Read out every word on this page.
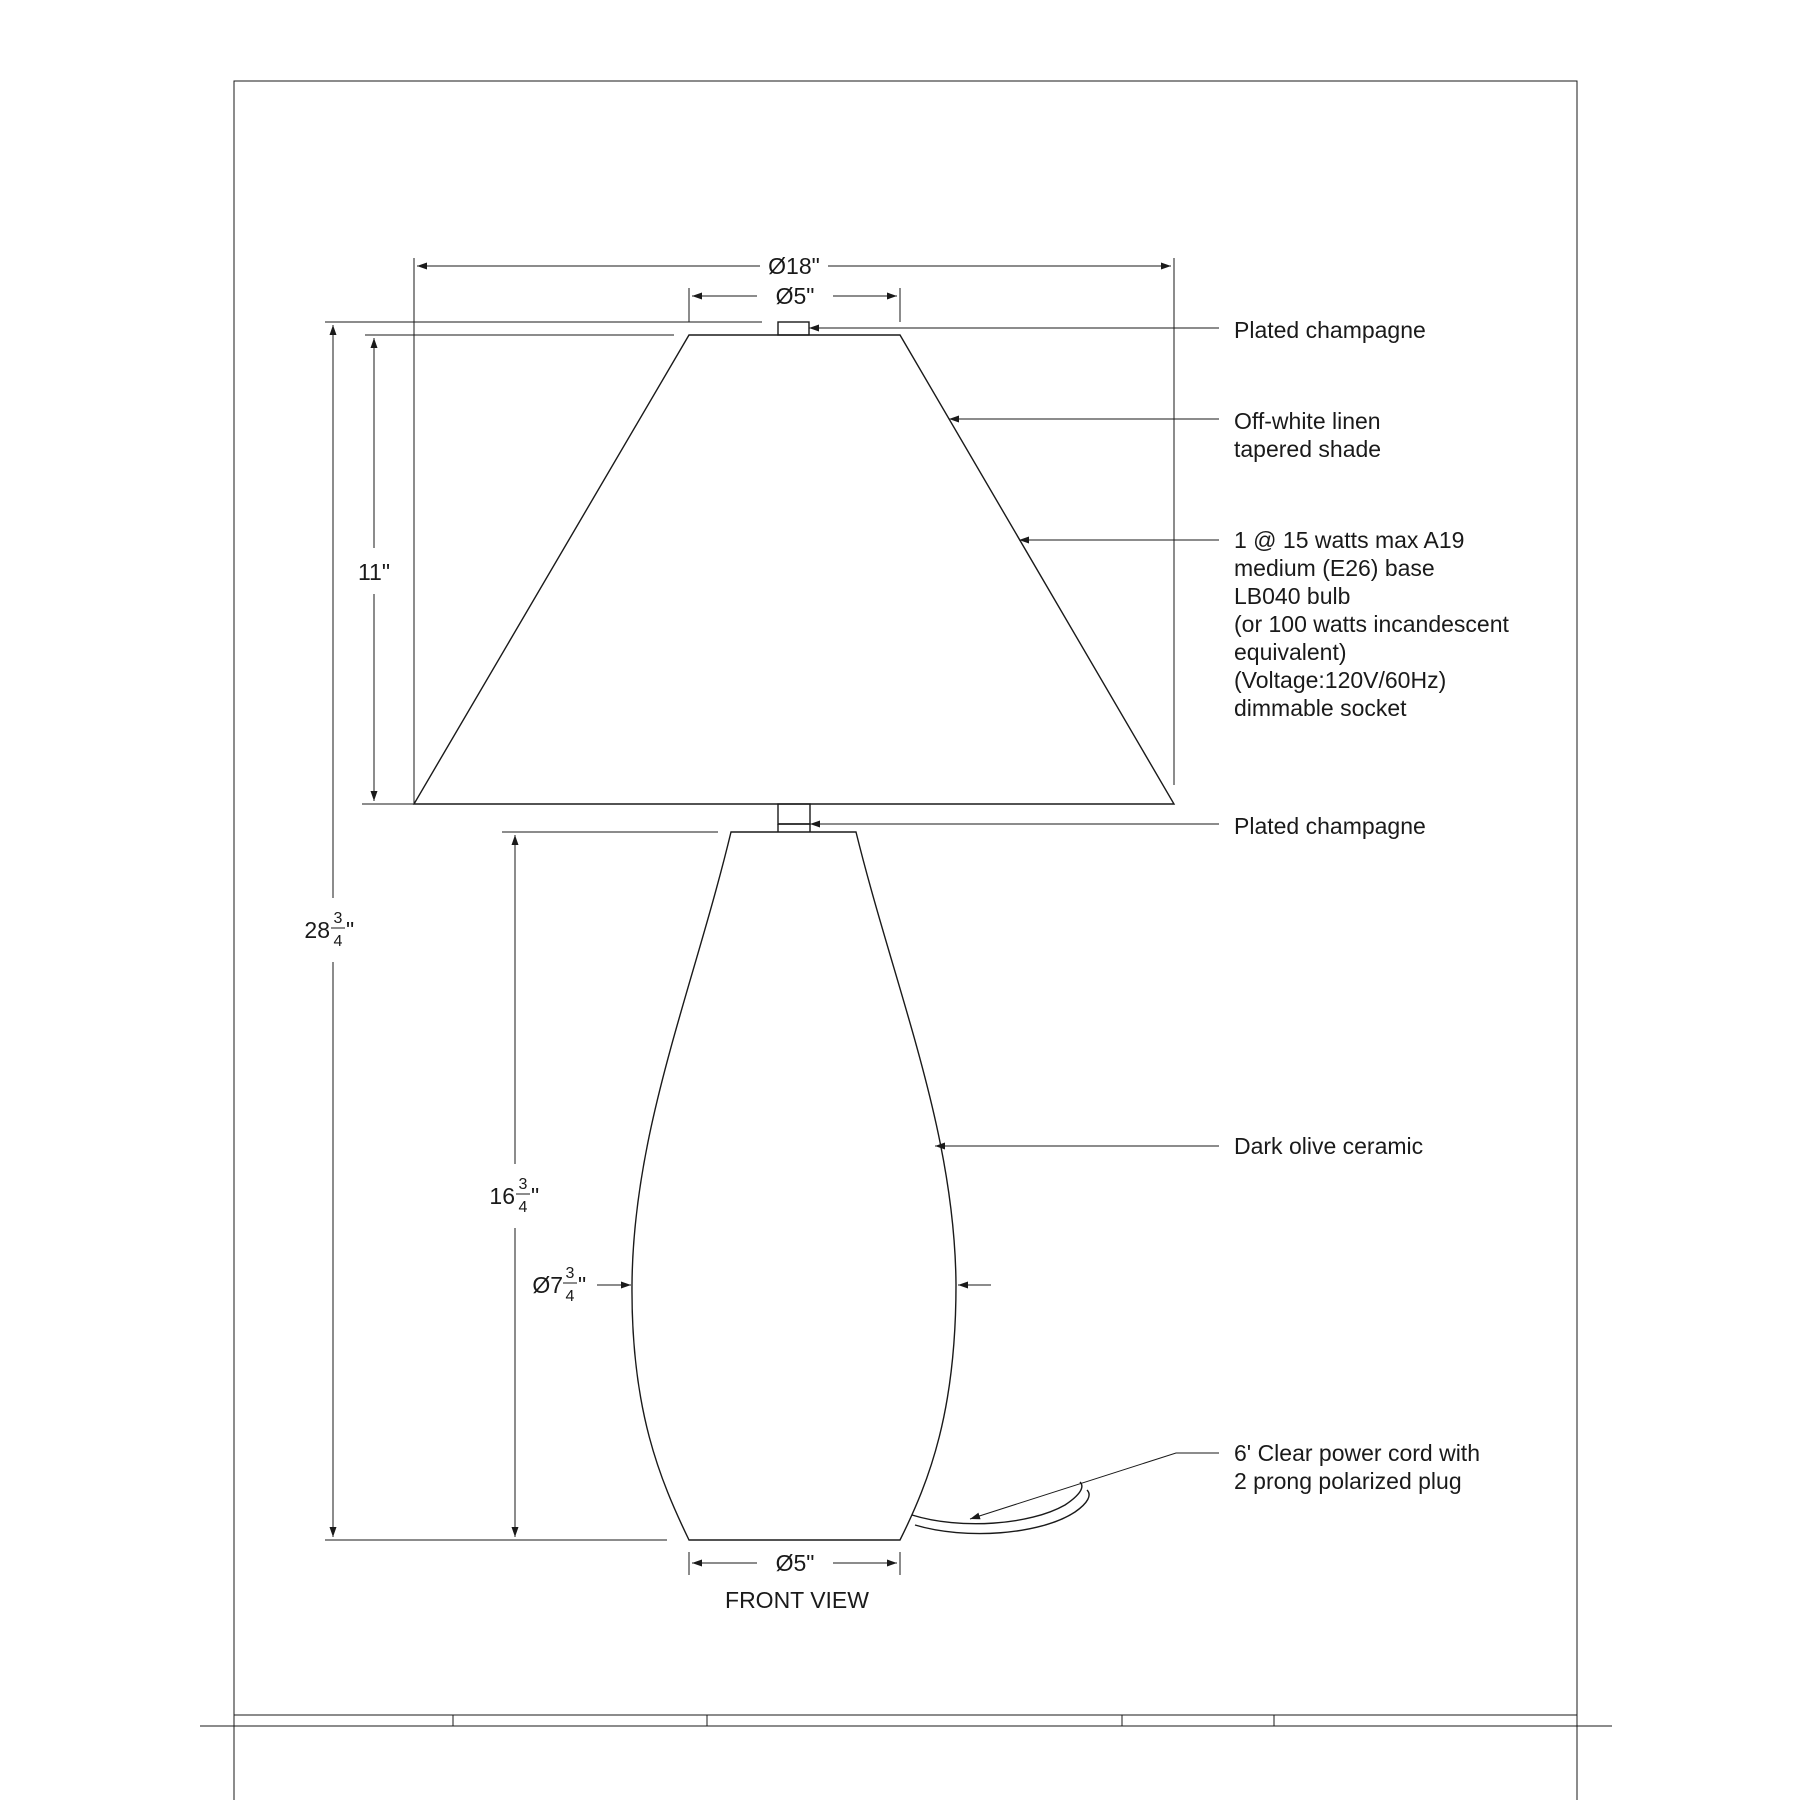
Ø18"
Ø5"
11"
28 3
4 "
16 3
4 "
Ø7 3
4 "
Ø5"
Plated champagne
Off-white linen
tapered shade
1 @ 15 watts max A19
medium (E26) base
LB040 bulb
(or 100 watts incandescent
equivalent)
(Voltage:120V/60Hz)
dimmable socket
Plated champagne
Dark olive ceramic
6' Clear power cord with
2 prong polarized plug
FRONT VIEW
